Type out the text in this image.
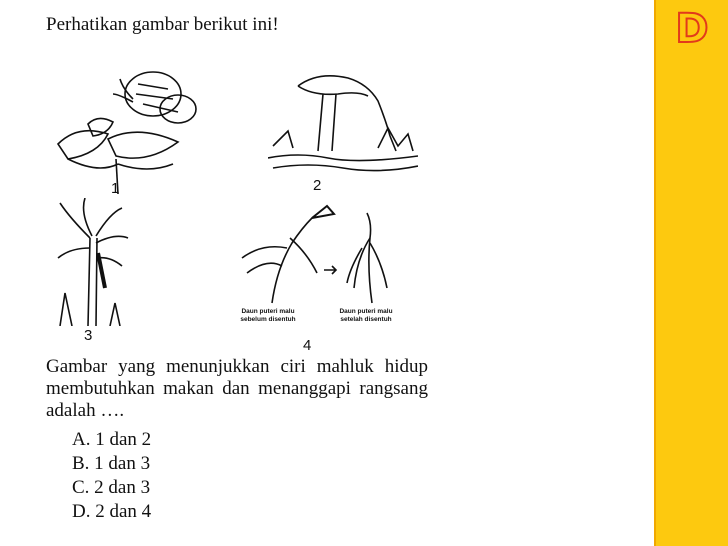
Perhatikan gambar berikut ini!
1	2
3
Daun puteri malu sebelum disentuh
Daun puteri malu setelah disentuh
4
Gambar yang menunjukkan ciri mahluk hidup membutuhkan makan dan menanggapi rangsang adalah ….
A. 1 dan 2
B. 1 dan 3
C. 2 dan 3
D. 2 dan 4
D
